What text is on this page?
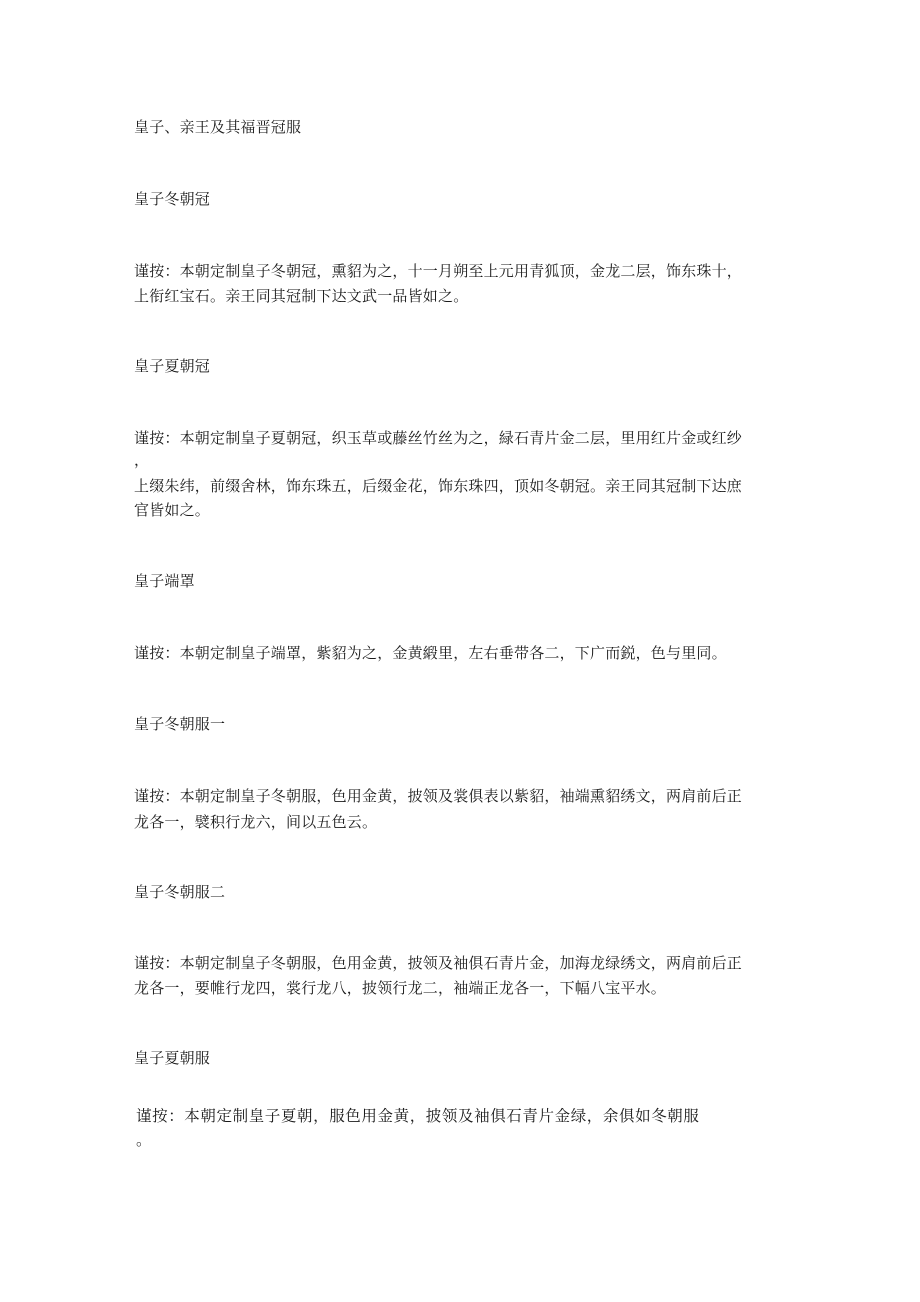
皇子、亲王及其福晋冠服
皇子冬朝冠
谨按：本朝定制皇子冬朝冠，熏貂为之，十一月朔至上元用青狐顶，金龙二层，饰东珠十，
上衔红宝石。亲王同其冠制下达文武一品皆如之。
皇子夏朝冠
谨按：本朝定制皇子夏朝冠，织玉草或藤丝竹丝为之，緑石青片金二层，里用红片金或红纱
，
上缀朱纬，前缀舍林，饰东珠五，后缀金花，饰东珠四，顶如冬朝冠。亲王同其冠制下达庶
官皆如之。
皇子端罩
谨按：本朝定制皇子端罩，紫貂为之，金黄緞里，左右垂带各二，下广而鋭，色与里同。
皇子冬朝服一
谨按：本朝定制皇子冬朝服，色用金黄，披领及裳俱表以紫貂，袖端熏貂绣文，两肩前后正
龙各一，襞积行龙六，间以五色云。
皇子冬朝服二
谨按：本朝定制皇子冬朝服，色用金黄，披领及袖俱石青片金，加海龙绿绣文，两肩前后正
龙各一，要帷行龙四，裳行龙八，披领行龙二，袖端正龙各一，下幅八宝平水。
皇子夏朝服
谨按：本朝定制皇子夏朝，服色用金黄，披领及袖俱石青片金绿，余俱如冬朝服
。
